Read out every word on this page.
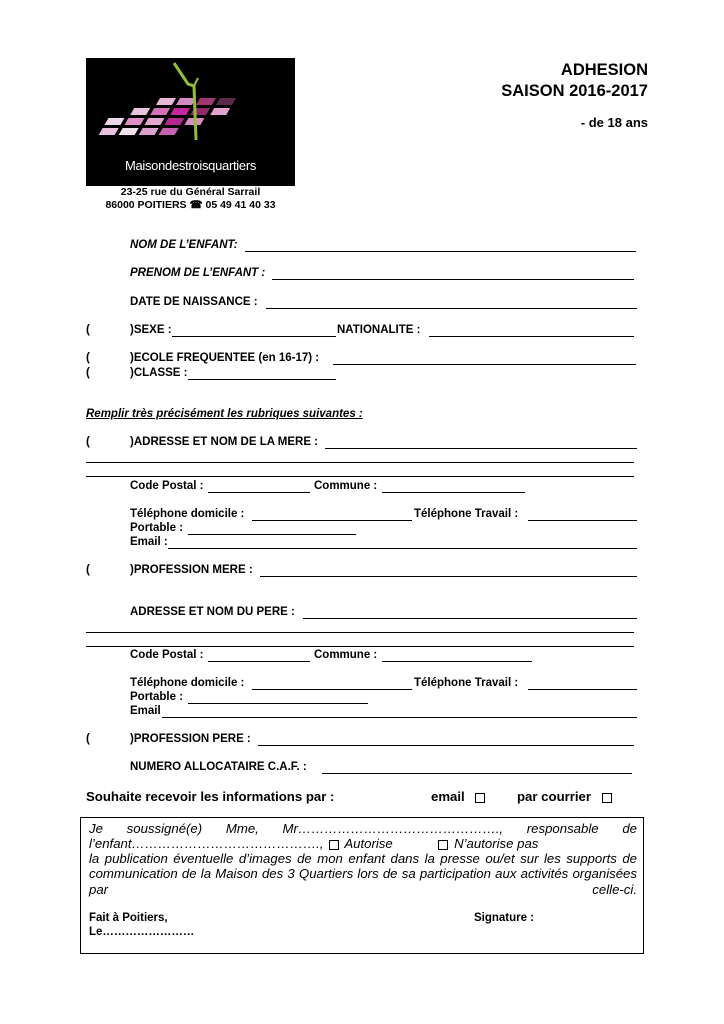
Maisondestroisquartiers
23-25 rue du Général Sarrail
86000 POITIERS ☎ 05 49 41 40 33
ADHESION
SAISON 2016-2017
- de 18 ans
NOM DE L’ENFANT:
PRENOM DE L’ENFANT :
DATE DE NAISSANCE :
(	)SEXE :	NATIONALITE :
(	)ECOLE FREQUENTEE (en 16-17) :
(	)CLASSE :
Remplir très précisément les rubriques suivantes :
(	)ADRESSE ET NOM DE LA MERE :
Code Postal :	Commune :
Téléphone domicile :	Téléphone Travail :
Portable :
Email :
(	)PROFESSION MERE :
ADRESSE ET NOM DU PERE :
Code Postal :	Commune :
Téléphone domicile :	Téléphone Travail :
Portable :
Email
(	)PROFESSION PERE :
NUMERO ALLOCATAIRE C.A.F. :
Souhaite recevoir les informations par :	email	par courrier
Je soussigné(e) Mme, Mr………………………………………., responsable de
l’enfant…………………………………….,  Autorise	N’autorise pas
la publication éventuelle d’images de mon enfant dans la presse ou/et sur les supports de communication de la Maison des 3 Quartiers lors de sa participation aux activités organisées par celle-ci.
Fait à Poitiers,
Le……………………
Signature :
